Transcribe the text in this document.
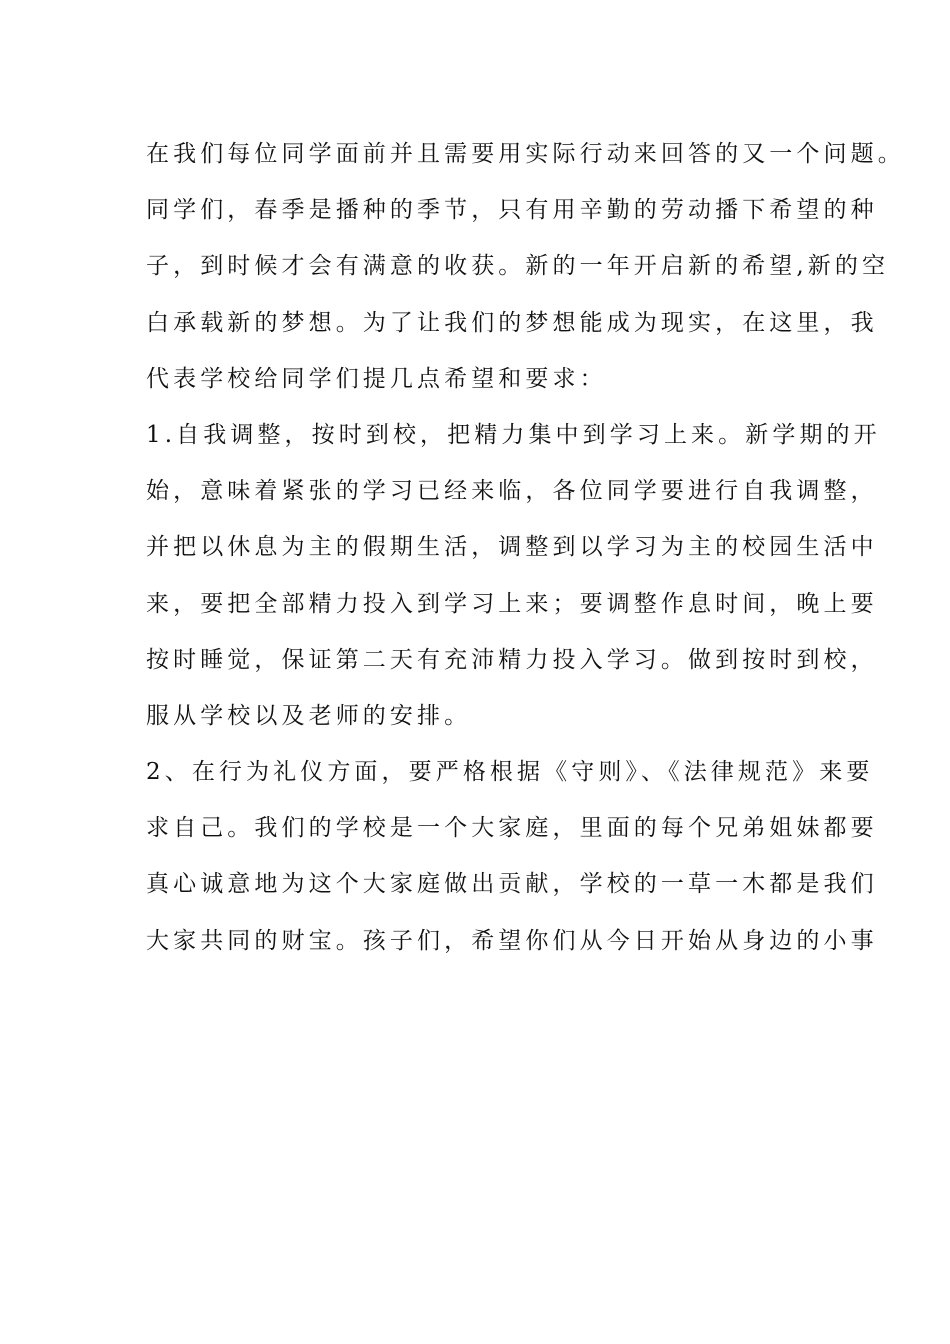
在我们每位同学面前并且需要用实际行动来回答的又一个问题。
同学们，春季是播种的季节，只有用辛勤的劳动播下希望的种
子，到时候才会有满意的收获。新的一年开启新的希望,新的空
白承载新的梦想。为了让我们的梦想能成为现实，在这里，我
代表学校给同学们提几点希望和要求：
1.自我调整，按时到校，把精力集中到学习上来。新学期的开
始，意味着紧张的学习已经来临，各位同学要进行自我调整，
并把以休息为主的假期生活，调整到以学习为主的校园生活中
来，要把全部精力投入到学习上来；要调整作息时间，晚上要
按时睡觉，保证第二天有充沛精力投入学习。做到按时到校，
服从学校以及老师的安排。
2、在行为礼仪方面，要严格根据《守则》、《法律规范》来要
求自己。我们的学校是一个大家庭，里面的每个兄弟姐妹都要
真心诚意地为这个大家庭做出贡献，学校的一草一木都是我们
大家共同的财宝。孩子们，希望你们从今日开始从身边的小事
